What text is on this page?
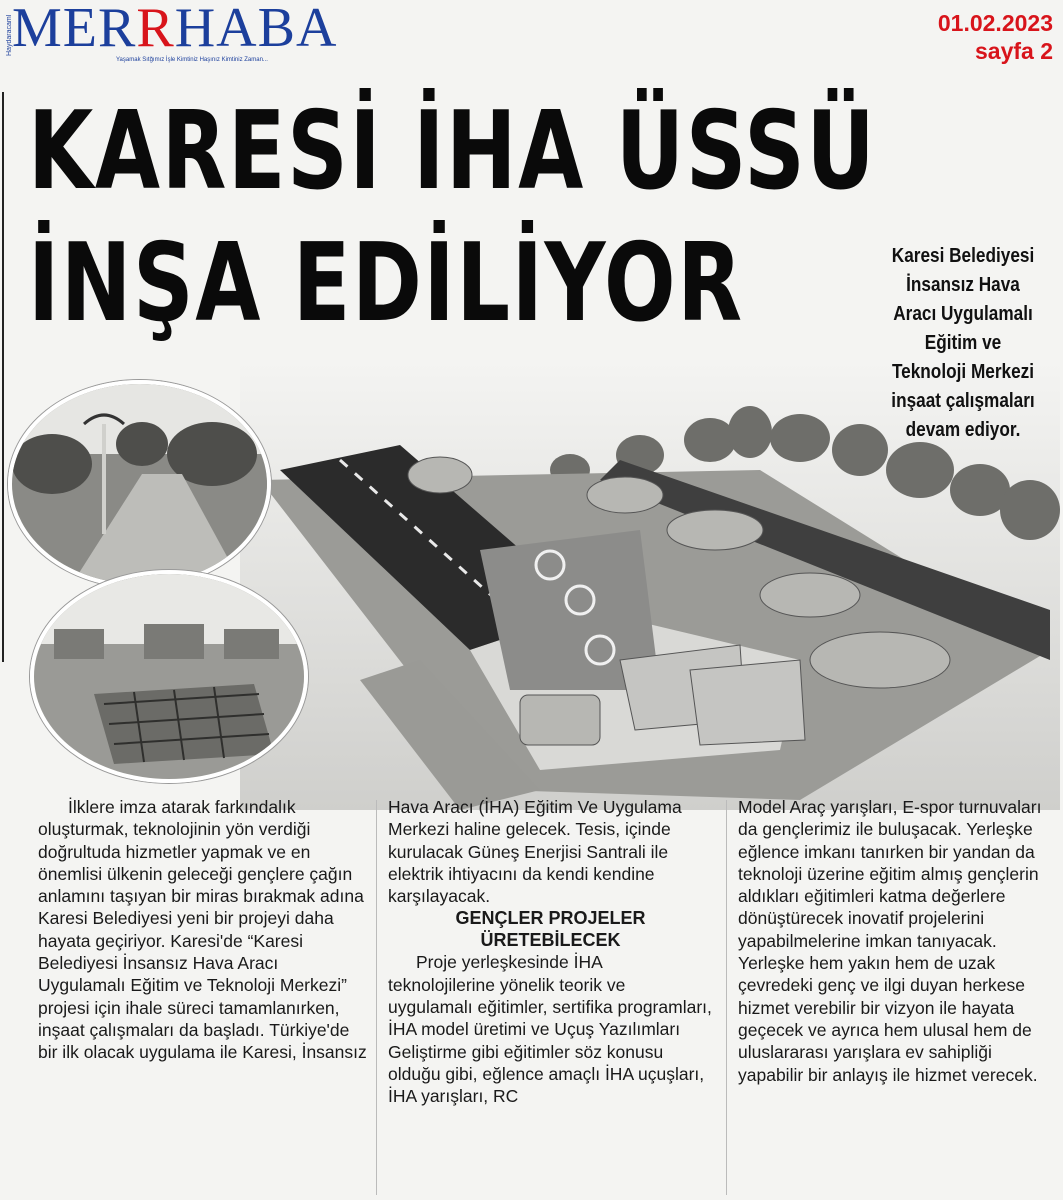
Haydaracaml MERRHABA
Yaşamak Sıtğımız İşle Kimtiniz Haşınız Kimtiniz Zaman...
01.02.2023
sayfa 2
KARESİ İHA ÜSSÜ
İNŞA EDİLİYOR	Karesi Belediyesi İnsansız Hava Aracı Uygulamalı Eğitim ve Teknoloji Merkezi inşaat çalışmaları devam ediyor.

İlklere imza atarak farkındalık oluşturmak, teknolojinin yön verdiği doğrultuda hizmetler yapmak ve en önemlisi ülkenin geleceği gençlere çağın anlamını taşıyan bir miras bırakmak adına Karesi Belediyesi yeni bir projeyi daha hayata geçiriyor. Karesi'de “Karesi Belediyesi İnsansız Hava Aracı Uygulamalı Eğitim ve Teknoloji Merkezi” projesi için ihale süreci tamamlanırken, inşaat çalışmaları da başladı. Türkiye'de bir ilk olacak uygulama ile Karesi, İnsansız

Hava Aracı (İHA) Eğitim Ve Uygulama Merkezi haline gelecek. Tesis, içinde kurulacak Güneş Enerjisi Santrali ile elektrik ihtiyacını da kendi kendine karşılayacak.
GENÇLER PROJELER ÜRETEBİLECEK
Proje yerleşkesinde İHA teknolojilerine yönelik teorik ve uygulamalı eğitimler, sertifika programları, İHA model üretimi ve Uçuş Yazılımları Geliştirme gibi eğitimler söz konusu olduğu gibi, eğlence amaçlı İHA uçuşları, İHA yarışları, RC

Model Araç yarışları, E-spor turnuvaları da gençlerimiz ile buluşacak. Yerleşke eğlence imkanı tanırken bir yandan da teknoloji üzerine eğitim almış gençlerin aldıkları eğitimleri katma değerlere dönüştürecek inovatif projelerini yapabilmelerine imkan tanıyacak. Yerleşke hem yakın hem de uzak çevredeki genç ve ilgi duyan herkese hizmet verebilir bir vizyon ile hayata geçecek ve ayrıca hem ulusal hem de uluslararası yarışlara ev sahipliği yapabilir bir anlayış ile hizmet verecek.
